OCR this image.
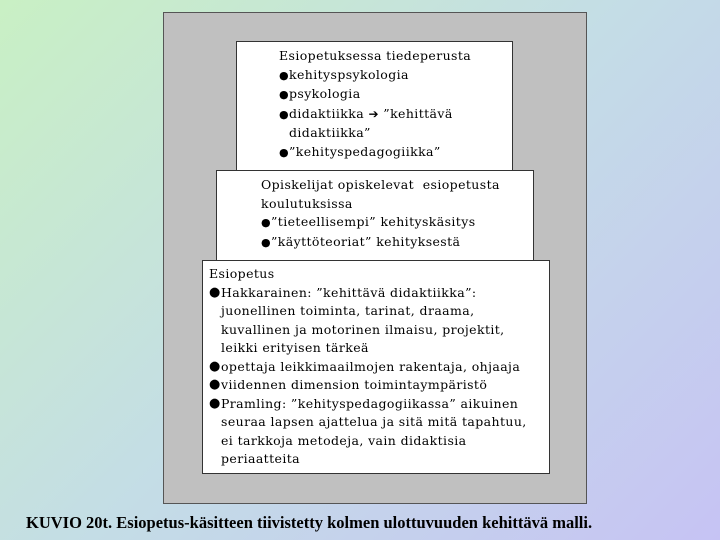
Esiopetuksessa tiedeperusta
●kehityspsykologia
●psykologia
●didaktiikka ➔ ”kehittävä
didaktiikka”
●”kehityspedagogiikka”
Opiskelijat opiskelevat  esiopetusta koulutuksissa
●”tieteellisempi” kehityskäsitys
●”käyttöteoriat” kehityksestä
Esiopetus
● Hakkarainen: ”kehittävä didaktiikka”: juonellinen toiminta, tarinat, draama, kuvallinen ja motorinen ilmaisu, projektit, leikki erityisen tärkeä
● opettaja leikkimaailmojen rakentaja, ohjaaja
● viidennen dimension toimintaympäristö
● Pramling: ”kehityspedagogiikassa” aikuinen seuraa lapsen ajattelua ja sitä mitä tapahtuu, ei tarkkoja metodeja, vain didaktisia periaatteita
KUVIO 20t. Esiopetus-käsitteen tiivistetty kolmen ulottuvuuden kehittävä malli.
